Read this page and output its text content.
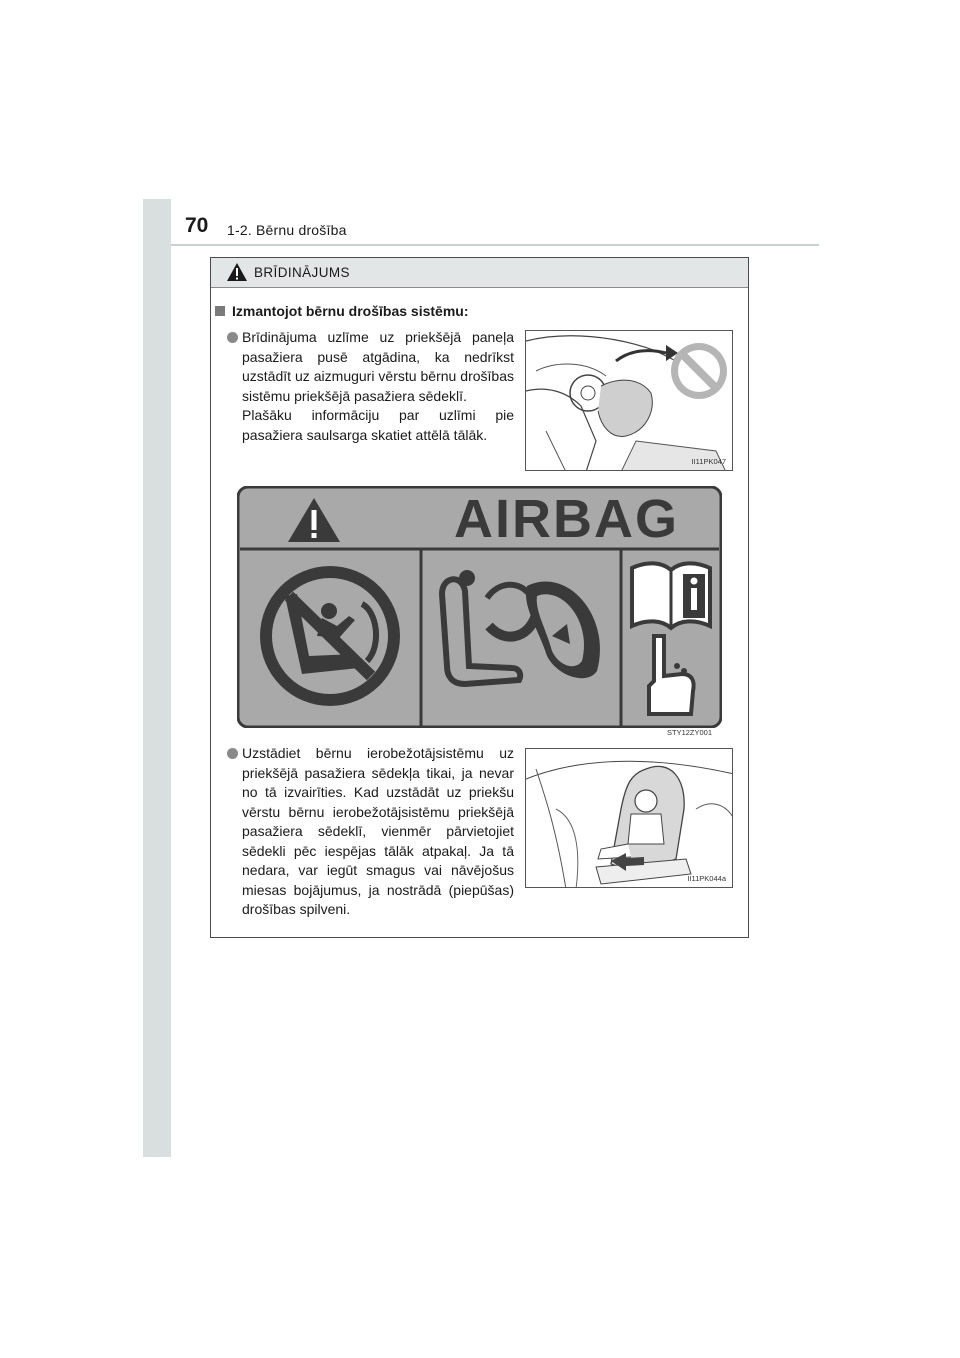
70 1-2. Bērnu drošība
BRĪDINĀJUMS
Izmantojot bērnu drošības sistēmu:
Brīdinājuma uzlīme uz priekšējā paneļa pasažiera pusē atgādina, ka nedrīkst uzstādīt uz aizmuguri vērstu bērnu drošības sistēmu priekšējā pasažiera sēdeklī.
Plašāku informāciju par uzlīmi pie pasažiera saulsarga skatiet attēlā tālāk.
II11PK047
AIRBAG
STY12ZY001
Uzstādiet bērnu ierobežotājsistēmu uz priekšējā pasažiera sēdekļa tikai, ja nevar no tā izvairīties. Kad uzstādāt uz priekšu vērstu bērnu ierobežotājsistēmu priekšējā pasažiera sēdeklī, vienmēr pārvietojiet sēdekli pēc iespējas tālāk atpakaļ. Ja tā nedara, var iegūt smagus vai nāvējošus miesas bojājumus, ja nostrādā (piepūšas) drošības spilveni.
II11PK044a
